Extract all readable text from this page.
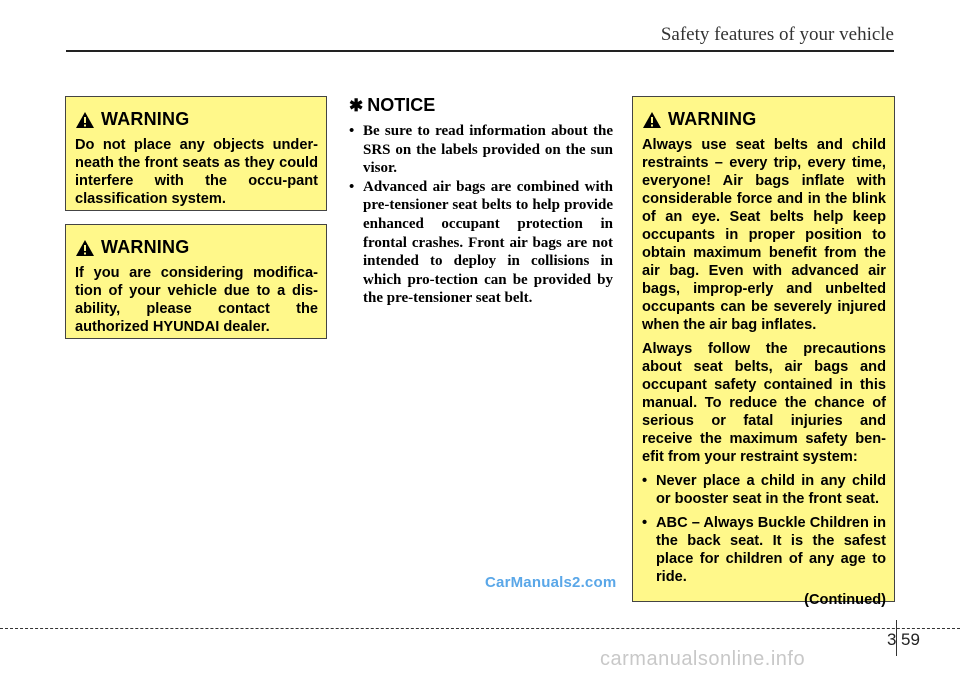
Safety features of your vehicle
WARNING
Do not place any objects under-neath the front seats as they could interfere with the occu-pant classification system.
WARNING
If you are considering modifica-tion of your vehicle due to a dis-ability, please contact the authorized HYUNDAI dealer.
✱ NOTICE
• Be sure to read information about the SRS on the labels provided on the sun visor.
• Advanced air bags are combined with pre-tensioner seat belts to help provide enhanced occupant protection in frontal crashes. Front air bags are not intended to deploy in collisions in which pro-tection can be provided by the pre-tensioner seat belt.
WARNING

Always use seat belts and child restraints – every trip, every time, everyone! Air bags inflate with considerable force and in the blink of an eye. Seat belts help keep occupants in proper position to obtain maximum benefit from the air bag. Even with advanced air bags, improp-erly and unbelted occupants can be severely injured when the air bag inflates.

Always follow the precautions about seat belts, air bags and occupant safety contained in this manual. To reduce the chance of serious or fatal injuries and receive the maximum safety ben-efit from your restraint system:

• Never place a child in any child or booster seat in the front seat.
• ABC – Always Buckle Children in the back seat. It is the safest place for children of any age to ride.
(Continued)
CarManuals2.com
3 59
carmanualsonline.info
